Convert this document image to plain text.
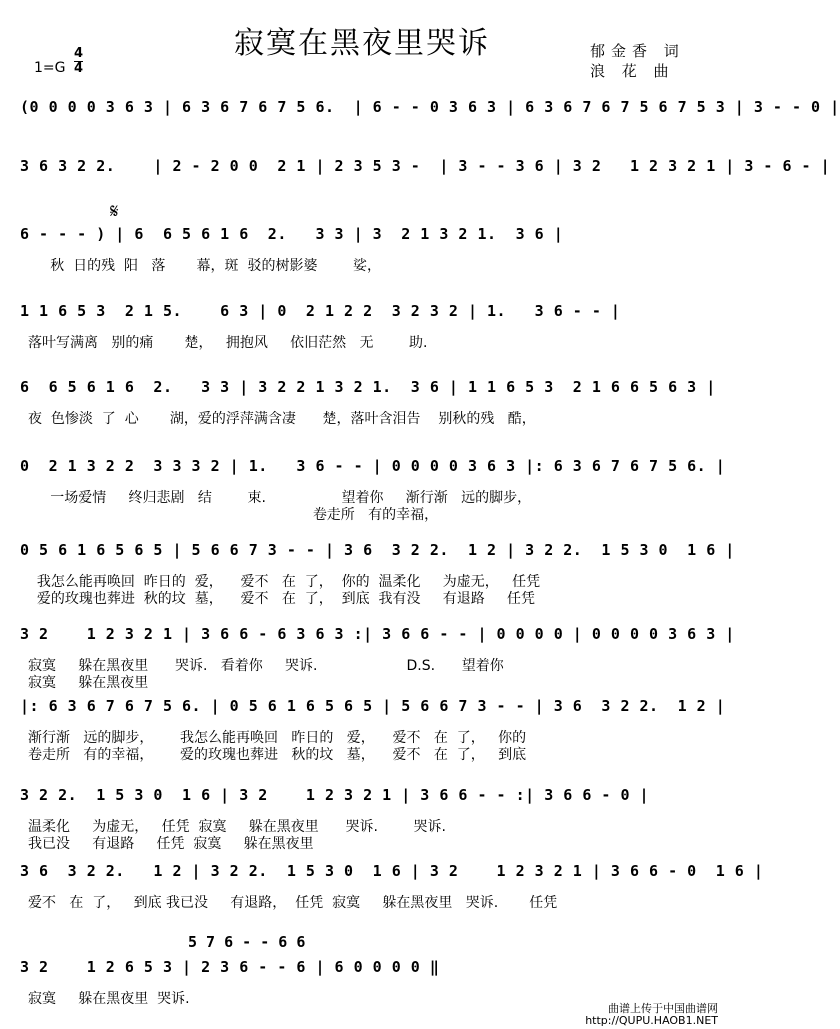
寂寞在黑夜里哭诉
1=G
4
4
郁金香 词
浪 花 曲
𝄋
(0 0 0 0 3 6 3 | 6 3 6 7 6 7 5 6.  | 6 - - 0 3 6 3 | 6 3 6 7 6 7 5 6 7 5 3 | 3 - - 0 |
3 6 3 2 2.    | 2 - 2 0 0  2 1 | 2 3 5 3 -  | 3 - - 3 6 | 3 2   1 2 3 2 1 | 3 - 6 - |
6 - - - ) | 6  6 5 6 1 6  2.   3 3 | 3  2 1 3 2 1.  3 6 |
秋  日的残  阳   落       幕，斑  驳的树影婆        娑，
1 1 6 5 3  2 1 5.    6 3 | 0  2 1 2 2  3 2 3 2 | 1.   3 6 - - |
落叶写满离   别的痛       楚，   拥抱风     依旧茫然   无        助.
6  6 5 6 1 6  2.   3 3 | 3 2 2 1 3 2 1.  3 6 | 1 1 6 5 3  2 1 6 6 5 6 3 |
夜  色惨淡  了  心       湖，爱的浮萍满含凄      楚，落叶含泪告    别秋的残   酷，
0  2 1 3 2 2  3 3 3 2 | 1.   3 6 - - | 0 0 0 0 3 6 3 |: 6 3 6 7 6 7 5 6. |
一场爱情     终归悲剧   结        束.                 望着你     渐行渐   远的脚步，
卷走所   有的幸福，
0 5 6 1 6 5 6 5 | 5 6 6 7 3 - - | 3 6  3 2 2.  1 2 | 3 2 2.  1 5 3 0  1 6 |
我怎么能再唤回  昨日的  爱，    爱不   在  了，  你的  温柔化     为虚无，   任凭
爱的玫瑰也葬进  秋的坟  墓，    爱不   在  了，  到底  我有没     有退路     任凭
3 2    1 2 3 2 1 | 3 6 6 - 6 3 6 3 :| 3 6 6 - - | 0 0 0 0 | 0 0 0 0 3 6 3 |
寂寞     躲在黑夜里      哭诉.   看着你     哭诉.                    D.S.      望着你
寂寞     躲在黑夜里
|: 6 3 6 7 6 7 5 6. | 0 5 6 1 6 5 6 5 | 5 6 6 7 3 - - | 3 6  3 2 2.  1 2 |
渐行渐   远的脚步，      我怎么能再唤回   昨日的   爱，    爱不   在  了，   你的
卷走所   有的幸福，      爱的玫瑰也葬进   秋的坟   墓，    爱不   在  了，   到底
3 2 2.  1 5 3 0  1 6 | 3 2    1 2 3 2 1 | 3 6 6 - - :| 3 6 6 - 0 |
温柔化     为虚无，   任凭  寂寞     躲在黑夜里      哭诉.        哭诉.
我已没     有退路     任凭  寂寞     躲在黑夜里
3 6  3 2 2.   1 2 | 3 2 2.  1 5 3 0  1 6 | 3 2    1 2 3 2 1 | 3 6 6 - 0  1 6 |
爱不   在  了，   到底 我已没     有退路，  任凭  寂寞     躲在黑夜里   哭诉.       任凭
3 2    1 2 6 5 3 | 2 3 6 - - 6 | 6 0 0 0 0 ‖
寂寞     躲在黑夜里  哭诉.
5 7 6 - - 6 6
曲谱上传于中国曲谱网
http://QUPU.HAOB1.NET
